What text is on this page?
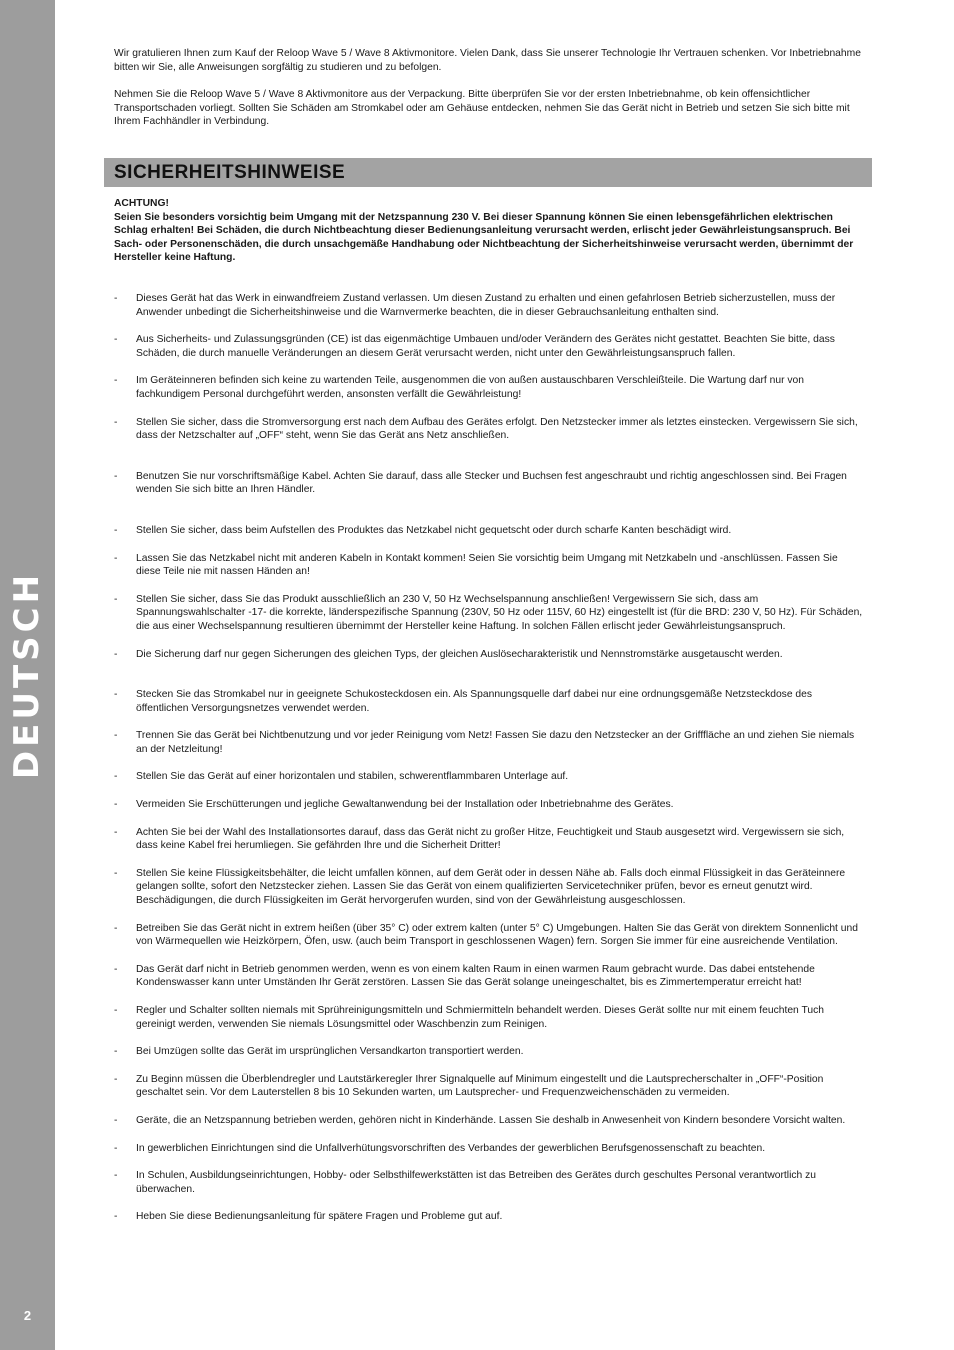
DEUTSCH
2

Wir gratulieren Ihnen zum Kauf der Reloop Wave 5 / Wave 8 Aktivmonitore. Vielen Dank, dass Sie unserer Technologie Ihr Vertrauen schenken. Vor Inbetriebnahme bitten wir Sie, alle Anweisungen sorgfältig zu studieren und zu befolgen.

Nehmen Sie die Reloop Wave 5 / Wave 8 Aktivmonitore aus der Verpackung. Bitte überprüfen Sie vor der ersten Inbetriebnahme, ob kein offensichtlicher Transportschaden vorliegt. Sollten Sie Schäden am Stromkabel oder am Gehäuse entdecken, nehmen Sie das Gerät nicht in Betrieb und setzen Sie sich bitte mit Ihrem Fachhändler in Verbindung.

SICHERHEITSHINWEISE

ACHTUNG!

Seien Sie besonders vorsichtig beim Umgang mit der Netzspannung 230 V. Bei dieser Spannung können Sie einen lebensgefährlichen elektrischen Schlag erhalten! Bei Schäden, die durch Nichtbeachtung dieser Bedienungsanleitung verursacht werden, erlischt jeder Gewährleistungsanspruch. Bei Sach- oder Personenschäden, die durch unsachgemäße Handhabung oder Nichtbeachtung der Sicherheitshinweise verursacht werden, übernimmt der Hersteller keine Haftung.

- Dieses Gerät hat das Werk in einwandfreiem Zustand verlassen. Um diesen Zustand zu erhalten und einen gefahrlosen Betrieb sicherzustellen, muss der Anwender unbedingt die Sicherheitshinweise und die Warnvermerke beachten, die in dieser Gebrauchsanleitung enthalten sind.
- Aus Sicherheits- und Zulassungsgründen (CE) ist das eigenmächtige Umbauen und/oder Verändern des Gerätes nicht gestattet. Beachten Sie bitte, dass Schäden, die durch manuelle Veränderungen an diesem Gerät verursacht werden, nicht unter den Gewährleistungsanspruch fallen.
- Im Geräteinneren befinden sich keine zu wartenden Teile, ausgenommen die von außen austauschbaren Verschleißteile. Die Wartung darf nur von fachkundigem Personal durchgeführt werden, ansonsten verfällt die Gewährleistung!
- Stellen Sie sicher, dass die Stromversorgung erst nach dem Aufbau des Gerätes erfolgt. Den Netzstecker immer als letztes einstecken. Vergewissern Sie sich, dass der Netzschalter auf „OFF“ steht, wenn Sie das Gerät ans Netz anschließen.
- Benutzen Sie nur vorschriftsmäßige Kabel. Achten Sie darauf, dass alle Stecker und Buchsen fest angeschraubt und richtig angeschlossen sind. Bei Fragen wenden Sie sich bitte an Ihren Händler.
- Stellen Sie sicher, dass beim Aufstellen des Produktes das Netzkabel nicht gequetscht oder durch scharfe Kanten beschädigt wird.
- Lassen Sie das Netzkabel nicht mit anderen Kabeln in Kontakt kommen! Seien Sie vorsichtig beim Umgang mit Netzkabeln und -anschlüssen. Fassen Sie diese Teile nie mit nassen Händen an!
- Stellen Sie sicher, dass Sie das Produkt ausschließlich an 230 V, 50 Hz Wechselspannung anschließen! Vergewissern Sie sich, dass am Spannungswahlschalter -17- die korrekte, länderspezifische Spannung (230V, 50 Hz oder 115V, 60 Hz) eingestellt ist (für die BRD: 230 V, 50 Hz). Für Schäden, die aus einer Wechselspannung resultieren übernimmt der Hersteller keine Haftung. In solchen Fällen erlischt jeder Gewährleistungsanspruch.
- Die Sicherung darf nur gegen Sicherungen des gleichen Typs, der gleichen Auslösecharakteristik und Nennstromstärke ausgetauscht werden.
- Stecken Sie das Stromkabel nur in geeignete Schukosteckdosen ein. Als Spannungsquelle darf dabei nur eine ordnungsgemäße Netzsteckdose des öffentlichen Versorgungsnetzes verwendet werden.
- Trennen Sie das Gerät bei Nichtbenutzung und vor jeder Reinigung vom Netz! Fassen Sie dazu den Netzstecker an der Grifffläche an und ziehen Sie niemals an der Netzleitung!
- Stellen Sie das Gerät auf einer horizontalen und stabilen, schwerentflammbaren Unterlage auf.
- Vermeiden Sie Erschütterungen und jegliche Gewaltanwendung bei der Installation oder Inbetriebnahme des Gerätes.
- Achten Sie bei der Wahl des Installationsortes darauf, dass das Gerät nicht zu großer Hitze, Feuchtigkeit und Staub ausgesetzt wird. Vergewissern sie sich, dass keine Kabel frei herumliegen. Sie gefährden Ihre und die Sicherheit Dritter!
- Stellen Sie keine Flüssigkeitsbehälter, die leicht umfallen können, auf dem Gerät oder in dessen Nähe ab. Falls doch einmal Flüssigkeit in das Geräteinnere gelangen sollte, sofort den Netzstecker ziehen. Lassen Sie das Gerät von einem qualifizierten Servicetechniker prüfen, bevor es erneut genutzt wird. Beschädigungen, die durch Flüssigkeiten im Gerät hervorgerufen wurden, sind von der Gewährleistung ausgeschlossen.
- Betreiben Sie das Gerät nicht in extrem heißen (über 35° C) oder extrem kalten (unter 5° C) Umgebungen. Halten Sie das Gerät von direktem Sonnenlicht und von Wärmequellen wie Heizkörpern, Öfen, usw. (auch beim Transport in geschlossenen Wagen) fern. Sorgen Sie immer für eine ausreichende Ventilation.
- Das Gerät darf nicht in Betrieb genommen werden, wenn es von einem kalten Raum in einen warmen Raum gebracht wurde. Das dabei entstehende Kondenswasser kann unter Umständen Ihr Gerät zerstören. Lassen Sie das Gerät solange uneingeschaltet, bis es Zimmertemperatur erreicht hat!
- Regler und Schalter sollten niemals mit Sprühreinigungsmitteln und Schmiermitteln behandelt werden. Dieses Gerät sollte nur mit einem feuchten Tuch gereinigt werden, verwenden Sie niemals Lösungsmittel oder Waschbenzin zum Reinigen.
- Bei Umzügen sollte das Gerät im ursprünglichen Versandkarton transportiert werden.
- Zu Beginn müssen die Überblendregler und Lautstärkeregler Ihrer Signalquelle auf Minimum eingestellt und die Lautsprecherschalter in „OFF“-Position geschaltet sein. Vor dem Lauterstellen 8 bis 10 Sekunden warten, um Lautsprecher- und Frequenzweichenschäden zu vermeiden.
- Geräte, die an Netzspannung betrieben werden, gehören nicht in Kinderhände. Lassen Sie deshalb in Anwesenheit von Kindern besondere Vorsicht walten.
- In gewerblichen Einrichtungen sind die Unfallverhütungsvorschriften des Verbandes der gewerblichen Berufsgenossenschaft zu beachten.
- In Schulen, Ausbildungseinrichtungen, Hobby- oder Selbsthilfewerkstätten ist das Betreiben des Gerätes durch geschultes Personal verantwortlich zu überwachen.
- Heben Sie diese Bedienungsanleitung für spätere Fragen und Probleme gut auf.
